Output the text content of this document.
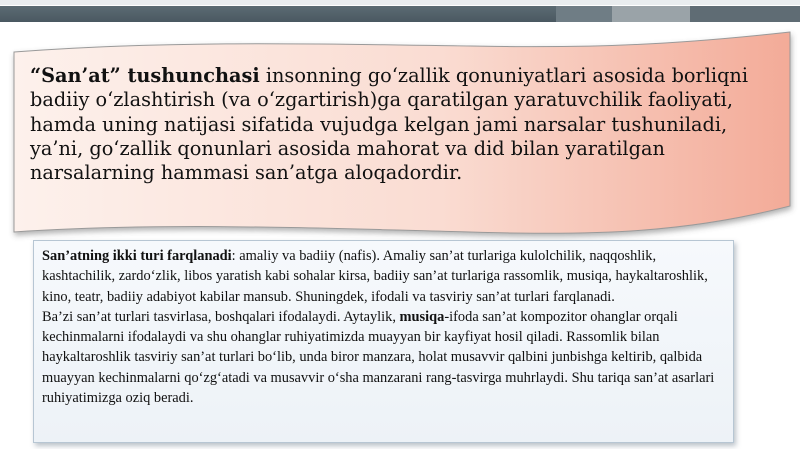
“San’at” tushunchasi insonning go‘zallik qonuniyatlari asosida borliqni badiiy o‘zlashtirish (va o‘zgartirish)ga qaratilgan yaratuvchilik faoliyati, hamda uning natijasi sifatida vujudga kelgan jami narsalar tushuniladi, ya’ni, go‘zallik qonunlari asosida mahorat va did bilan yaratilgan narsalarning hammasi san’atga aloqadordir.

San’atning ikki turi farqlanadi: amaliy va badiiy (nafis). Amaliy san’at turlariga kulolchilik, naqqoshlik, kashtachilik, zardo‘zlik, libos yaratish kabi sohalar kirsa, badiiy san’at turlariga rassomlik, musiqa, haykaltaroshlik, kino, teatr, badiiy adabiyot kabilar mansub. Shuningdek, ifodali va tasviriy san’at turlari farqlanadi.
Ba’zi san’at turlari tasvirlasa, boshqalari ifodalaydi. Aytaylik, musiqa-ifoda san’at kompozitor ohanglar orqali kechinmalarni ifodalaydi va shu ohanglar ruhiyatimizda muayyan bir kayfiyat hosil qiladi. Rassomlik bilan haykaltaroshlik tasviriy san’at turlari bo‘lib, unda biror manzara, holat musavvir qalbini junbishga keltirib, qalbida muayyan kechinmalarni qo‘zg‘atadi va musavvir o‘sha manzarani rang-tasvirga muhrlaydi. Shu tariqa san’at asarlari ruhiyatimizga oziq beradi.
